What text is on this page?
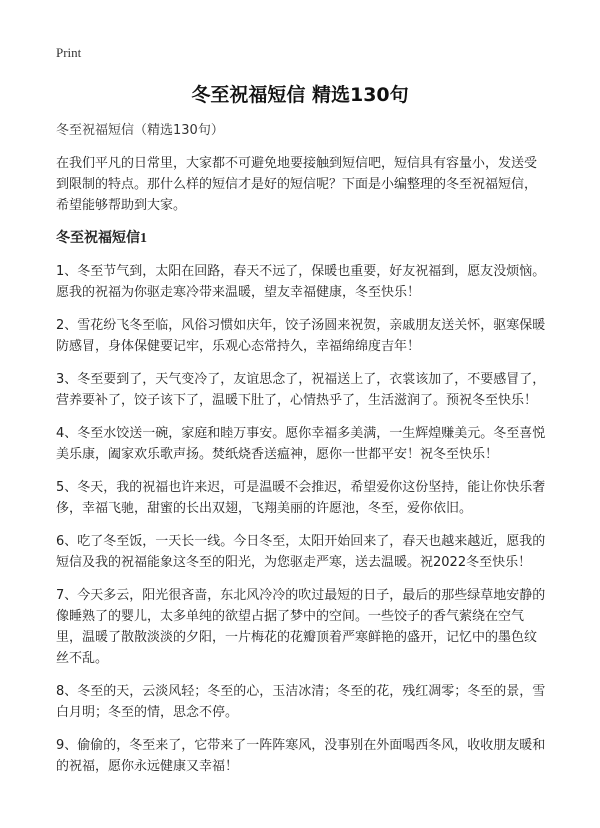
Print
冬至祝福短信 精选130句

冬至祝福短信（精选130句）

在我们平凡的日常里，大家都不可避免地要接触到短信吧，短信具有容量小，发送受到限制的特点。那什么样的短信才是好的短信呢？下面是小编整理的冬至祝福短信，希望能够帮助到大家。

冬至祝福短信1

1、冬至节气到，太阳在回路，春天不远了，保暖也重要，好友祝福到，愿友没烦恼。愿我的祝福为你驱走寒冷带来温暖，望友幸福健康，冬至快乐！

2、雪花纷飞冬至临，风俗习惯如庆年，饺子汤圆来祝贺，亲戚朋友送关怀，驱寒保暖防感冒，身体保健要记牢，乐观心态常持久，幸福绵绵度吉年！

3、冬至要到了，天气变冷了，友谊思念了，祝福送上了，衣裳该加了，不要感冒了，营养要补了，饺子该下了，温暖下肚了，心情热乎了，生活滋润了。预祝冬至快乐！

4、冬至水饺送一碗，家庭和睦万事安。愿你幸福多美满，一生辉煌赚美元。冬至喜悦美乐康，阖家欢乐歌声扬。焚纸烧香送瘟神，愿你一世都平安！祝冬至快乐！

5、冬天，我的祝福也许来迟，可是温暖不会推迟，希望爱你这份坚持，能让你快乐奢侈，幸福飞驰，甜蜜的长出双翅，飞翔美丽的许愿池，冬至，爱你依旧。

6、吃了冬至饭，一天长一线。今日冬至，太阳开始回来了，春天也越来越近，愿我的短信及我的祝福能象这冬至的阳光，为您驱走严寒，送去温暖。祝2022冬至快乐！

7、今天多云，阳光很吝啬，东北风冷冷的吹过最短的日子，最后的那些绿草地安静的像睡熟了的婴儿，太多单纯的欲望占据了梦中的空间。一些饺子的香气萦绕在空气里，温暖了散散淡淡的夕阳，一片梅花的花瓣顶着严寒鲜艳的盛开，记忆中的墨色纹丝不乱。

8、冬至的天，云淡风轻；冬至的心，玉洁冰清；冬至的花，残红凋零；冬至的景，雪白月明；冬至的情，思念不停。

9、偷偷的，冬至来了，它带来了一阵阵寒风，没事别在外面喝西冬风，收收朋友暖和的祝福，愿你永远健康又幸福！
